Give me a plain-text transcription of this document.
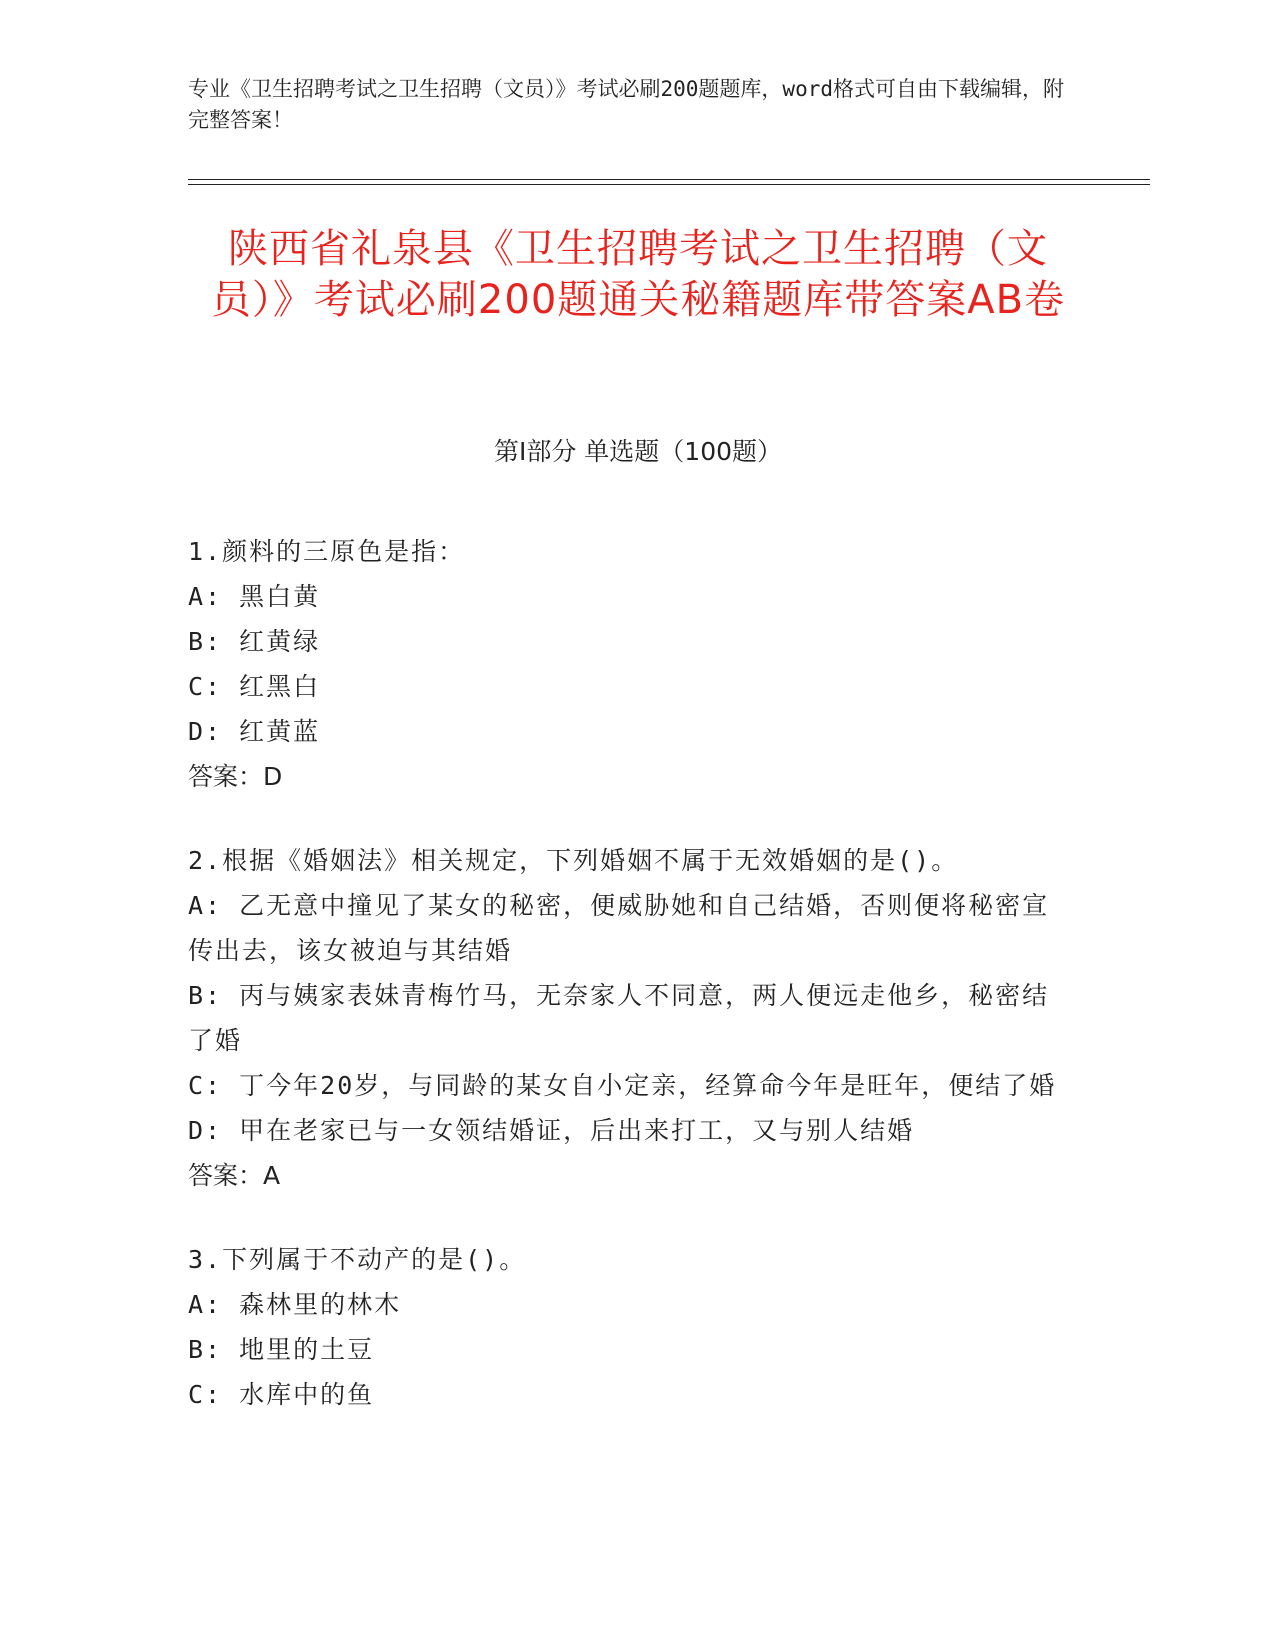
专业《卫生招聘考试之卫生招聘（文员）》考试必刷200题题库，word格式可自由下载编辑，附完整答案！
陕西省礼泉县《卫生招聘考试之卫生招聘（文员）》考试必刷200题通关秘籍题库带答案AB卷
第I部分 单选题（100题）

1.颜料的三原色是指：

A: 黑白黄

B: 红黄绿

C: 红黑白

D: 红黄蓝

答案：D

2.根据《婚姻法》相关规定，下列婚姻不属于无效婚姻的是()。

A: 乙无意中撞见了某女的秘密，便威胁她和自己结婚，否则便将秘密宣传出去，该女被迫与其结婚

B: 丙与姨家表妹青梅竹马，无奈家人不同意，两人便远走他乡，秘密结了婚

C: 丁今年20岁，与同龄的某女自小定亲，经算命今年是旺年，便结了婚

D: 甲在老家已与一女领结婚证，后出来打工，又与别人结婚

答案：A

3.下列属于不动产的是()。

A: 森林里的林木

B: 地里的土豆

C: 水库中的鱼
